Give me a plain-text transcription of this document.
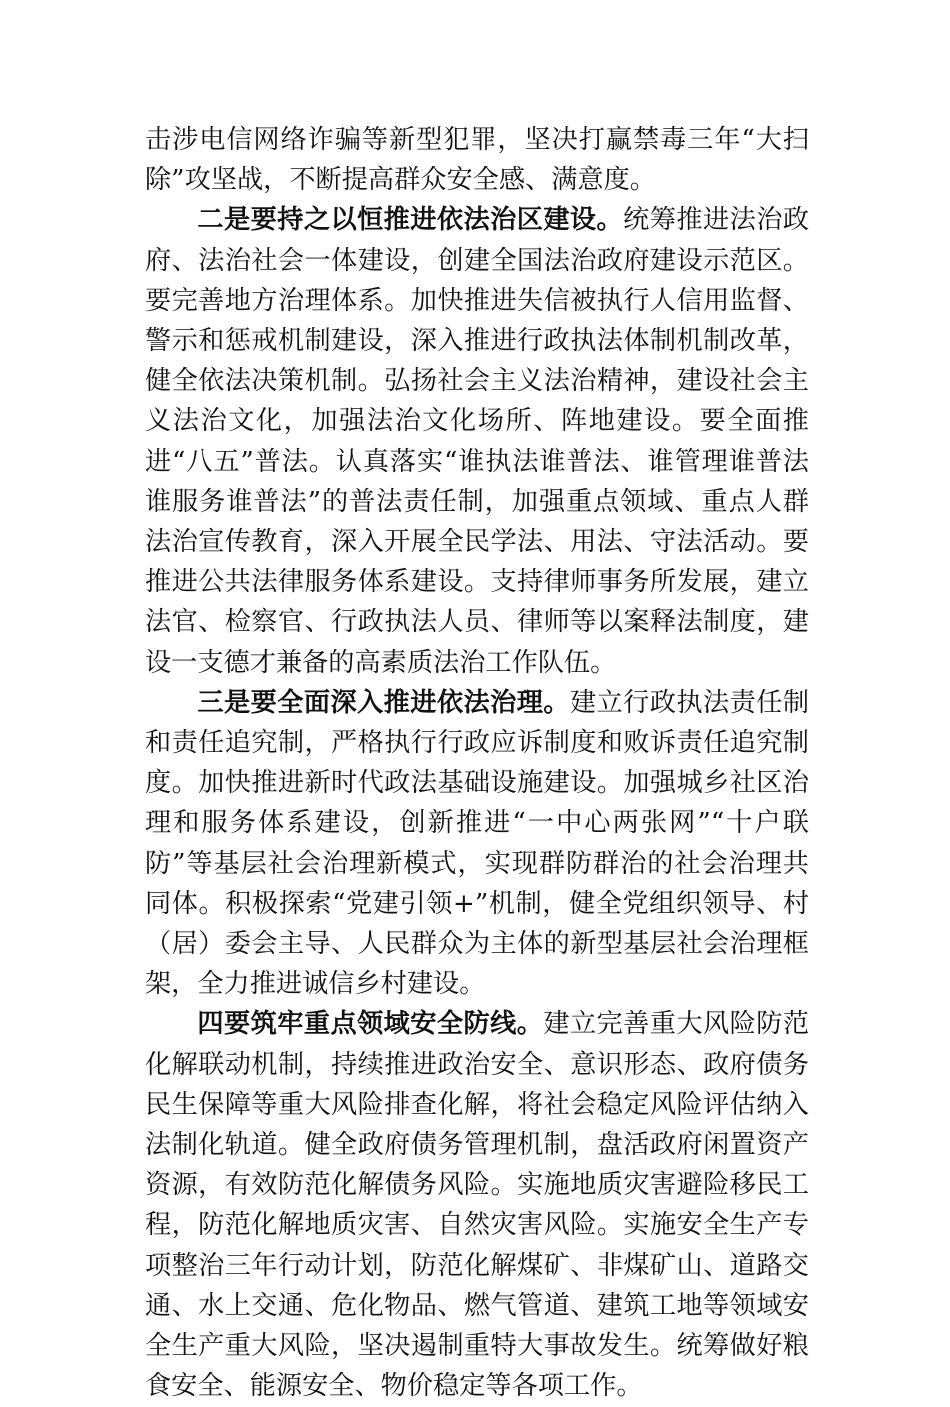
击涉电信网络诈骗等新型犯罪，坚决打赢禁毒三年“大扫除”攻坚战，不断提高群众安全感、满意度。

二是要持之以恒推进依法治区建设。统筹推进法治政府、法治社会一体建设，创建全国法治政府建设示范区。要完善地方治理体系。加快推进失信被执行人信用监督、警示和惩戒机制建设，深入推进行政执法体制机制改革，健全依法决策机制。弘扬社会主义法治精神，建设社会主义法治文化，加强法治文化场所、阵地建设。要全面推进“八五”普法。认真落实“谁执法谁普法、谁管理谁普法谁服务谁普法”的普法责任制，加强重点领域、重点人群法治宣传教育，深入开展全民学法、用法、守法活动。要推进公共法律服务体系建设。支持律师事务所发展，建立法官、检察官、行政执法人员、律师等以案释法制度，建设一支德才兼备的高素质法治工作队伍。

三是要全面深入推进依法治理。建立行政执法责任制和责任追究制，严格执行行政应诉制度和败诉责任追究制度。加快推进新时代政法基础设施建设。加强城乡社区治理和服务体系建设，创新推进“一中心两张网”“十户联防”等基层社会治理新模式，实现群防群治的社会治理共同体。积极探索“党建引领+”机制，健全党组织领导、村（居）委会主导、人民群众为主体的新型基层社会治理框架，全力推进诚信乡村建设。

四要筑牢重点领域安全防线。建立完善重大风险防范化解联动机制，持续推进政治安全、意识形态、政府债务民生保障等重大风险排查化解，将社会稳定风险评估纳入法制化轨道。健全政府债务管理机制，盘活政府闲置资产资源，有效防范化解债务风险。实施地质灾害避险移民工程，防范化解地质灾害、自然灾害风险。实施安全生产专项整治三年行动计划，防范化解煤矿、非煤矿山、道路交通、水上交通、危化物品、燃气管道、建筑工地等领域安全生产重大风险，坚决遏制重特大事故发生。统筹做好粮食安全、能源安全、物价稳定等各项工作。
